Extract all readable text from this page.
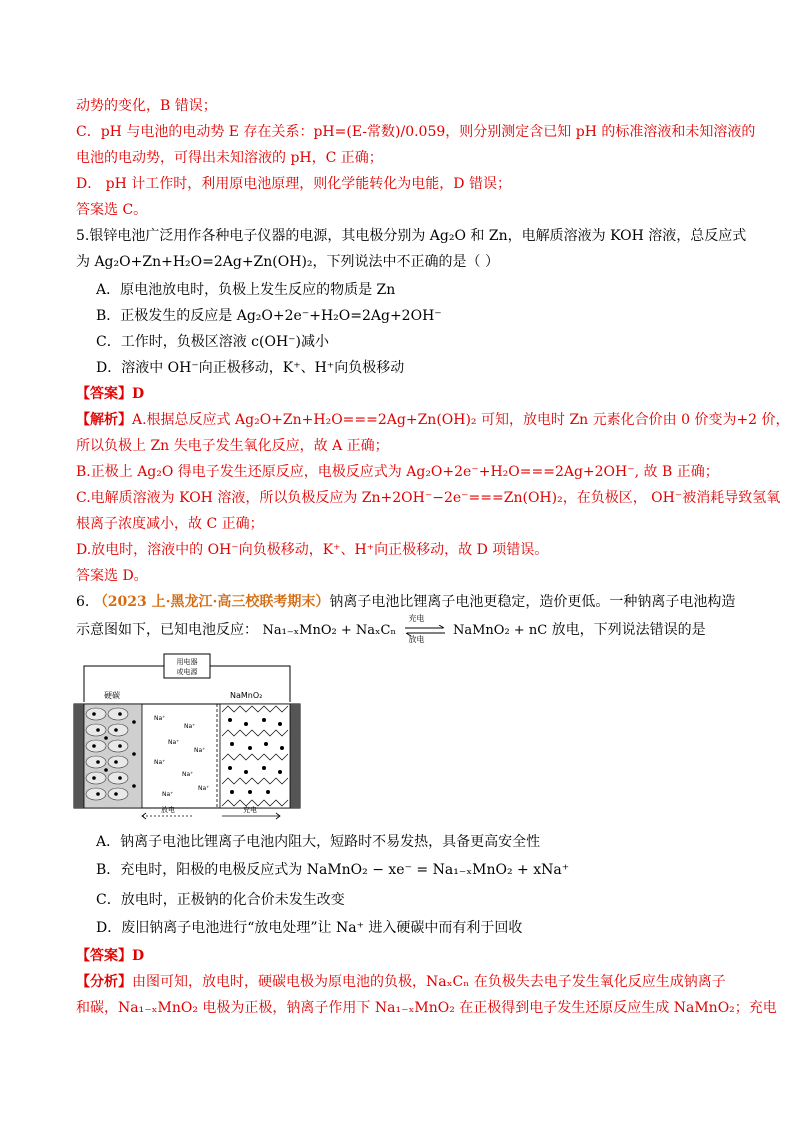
动势的变化，B 错误；
C．pH 与电池的电动势 E 存在关系：pH=(E-常数)/0.059，则分别测定含已知 pH 的标准溶液和未知溶液的
电池的电动势，可得出未知溶液的 pH，C 正确；
D． pH 计工作时，利用原电池原理，则化学能转化为电能，D 错误；
答案选 C。
5.银锌电池广泛用作各种电子仪器的电源，其电极分别为 Ag₂O 和 Zn，电解质溶液为 KOH 溶液，总反应式
为 Ag₂O+Zn+H₂O=2Ag+Zn(OH)₂，下列说法中不正确的是（ ）
A．原电池放电时，负极上发生反应的物质是 Zn
B．正极发生的反应是 Ag₂O+2e⁻+H₂O=2Ag+2OH⁻
C．工作时，负极区溶液 c(OH⁻)减小
D．溶液中 OH⁻向正极移动，K⁺、H⁺向负极移动
【答案】D
【解析】A.根据总反应式 Ag₂O+Zn+H₂O===2Ag+Zn(OH)₂ 可知，放电时 Zn 元素化合价由 0 价变为+2 价，
所以负极上 Zn 失电子发生氧化反应，故 A 正确；
B.正极上 Ag₂O 得电子发生还原反应，电极反应式为 Ag₂O+2e⁻+H₂O===2Ag+2OH⁻, 故 B 正确；
C.电解质溶液为 KOH 溶液，所以负极反应为 Zn+2OH⁻−2e⁻===Zn(OH)₂，在负极区， OH⁻被消耗导致氢氧
根离子浓度减小，故 C 正确；
D.放电时，溶液中的 OH⁻向负极移动，K⁺、H⁺向正极移动，故 D 项错误。
答案选 D。
6. （2023 上·黑龙江·高三校联考期末）钠离子电池比锂离子电池更稳定，造价更低。一种钠离子电池构造
示意图如下，已知电池反应： Na₁₋ₓMnO₂ + NaₓCₙ
充电
放电
NaMnO₂ + nC 放电，下列说法错误的是
用电器
或电源
硬碳	NaMnO₂
Na⁺
Na⁺
Na⁺
Na⁺
Na⁺
Na⁺
Na⁺
Na⁺
放电	充电
A．钠离子电池比锂离子电池内阻大，短路时不易发热，具备更高安全性
B．充电时，阳极的电极反应式为 NaMnO₂ − xe⁻ = Na₁₋ₓMnO₂ + xNa⁺
C．放电时，正极钠的化合价未发生改变
D．废旧钠离子电池进行“放电处理”让 Na⁺ 进入硬碳中而有利于回收
【答案】D
【分析】由图可知，放电时，硬碳电极为原电池的负极，NaₓCₙ 在负极失去电子发生氧化反应生成钠离子
和碳，Na₁₋ₓMnO₂ 电极为正极，钠离子作用下 Na₁₋ₓMnO₂ 在正极得到电子发生还原反应生成 NaMnO₂；充电
